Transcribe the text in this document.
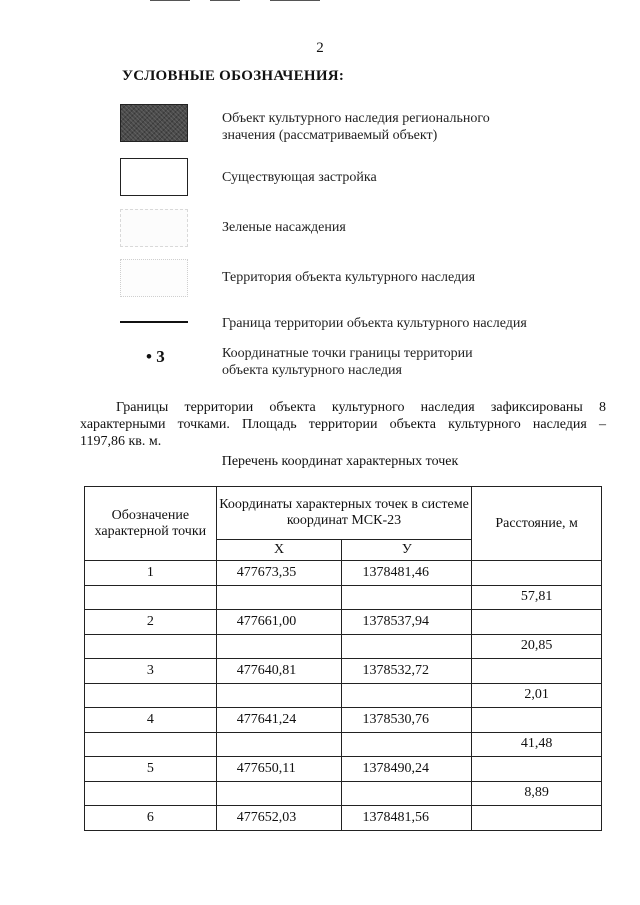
2
УСЛОВНЫЕ ОБОЗНАЧЕНИЯ:
Объект культурного наследия регионального
значения (рассматриваемый объект)
Существующая застройка
Зеленые насаждения
Территория объекта культурного наследия
Граница территории объекта культурного наследия
• 3	Координатные точки границы территории
объекта культурного наследия
Границы территории объекта культурного наследия зафиксированы 8
характерными точками. Площадь территории объекта культурного наследия –
1197,86 кв. м.
Перечень координат характерных точек
Обозначение характерной точки	Координаты характерных точек в системе координат МСК-23		Расстояние, м
	X	У	
1	477673,35	1378481,46	
			57,81
2	477661,00	1378537,94	
			20,85
3	477640,81	1378532,72	
			2,01
4	477641,24	1378530,76	
			41,48
5	477650,11	1378490,24	
			8,89
6	477652,03	1378481,56	
